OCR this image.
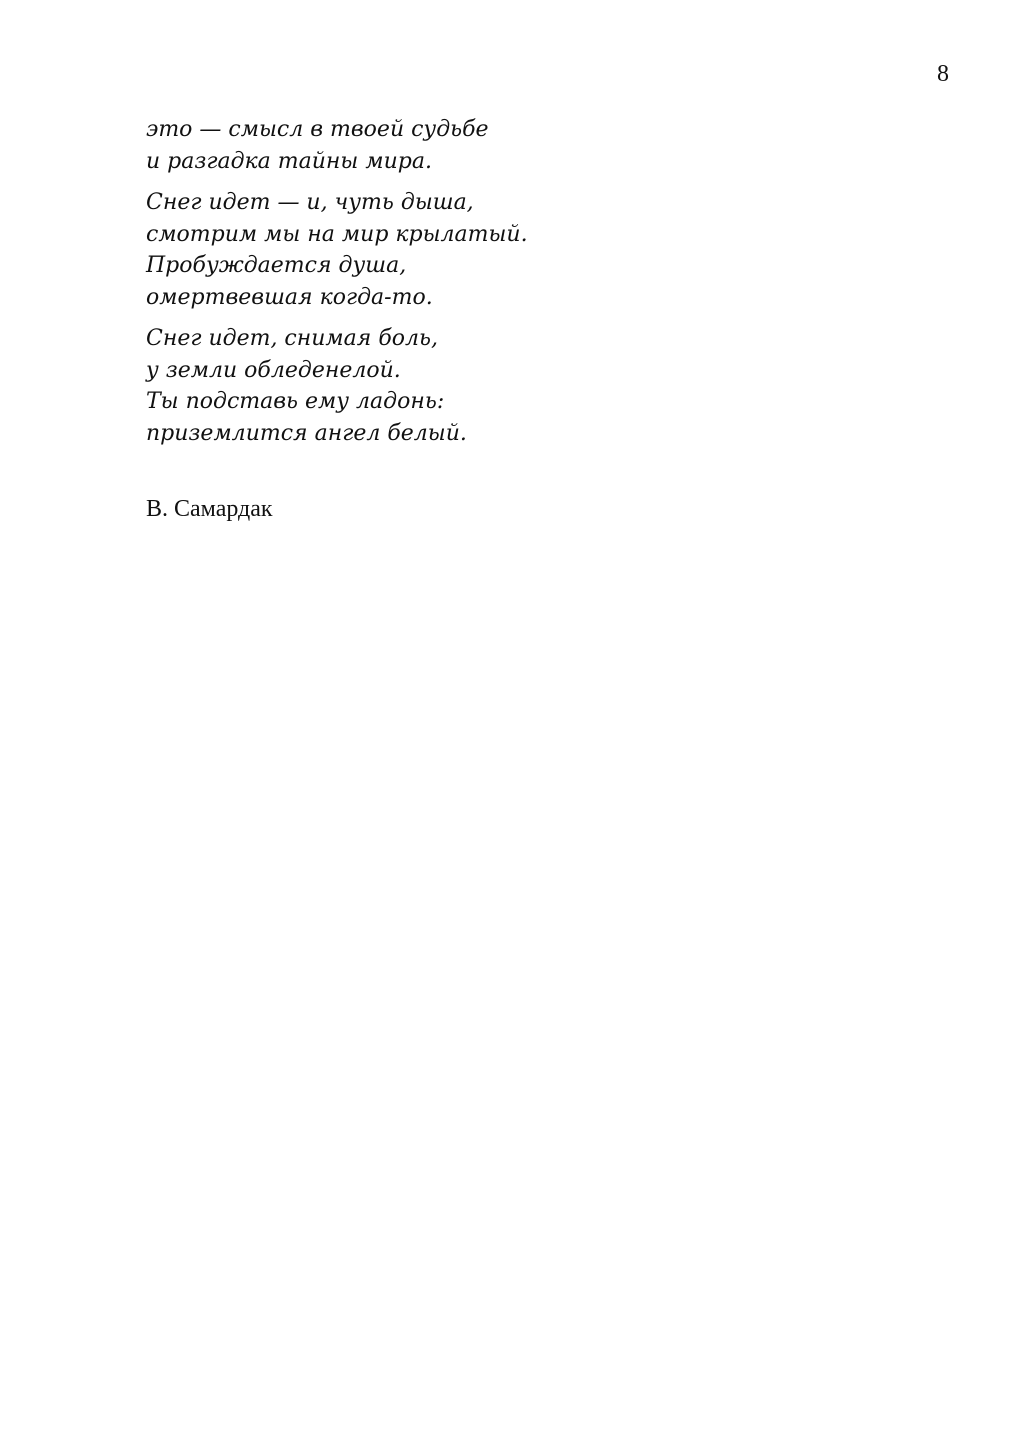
8
это — смысл в твоей судьбе
и разгадка тайны мира.
Снег идет — и, чуть дыша,
смотрим мы на мир крылатый.
Пробуждается душа,
омертвевшая когда-то.
Снег идет, снимая боль,
у земли обледенелой.
Ты подставь ему ладонь:
приземлится ангел белый.
В. Самардак
